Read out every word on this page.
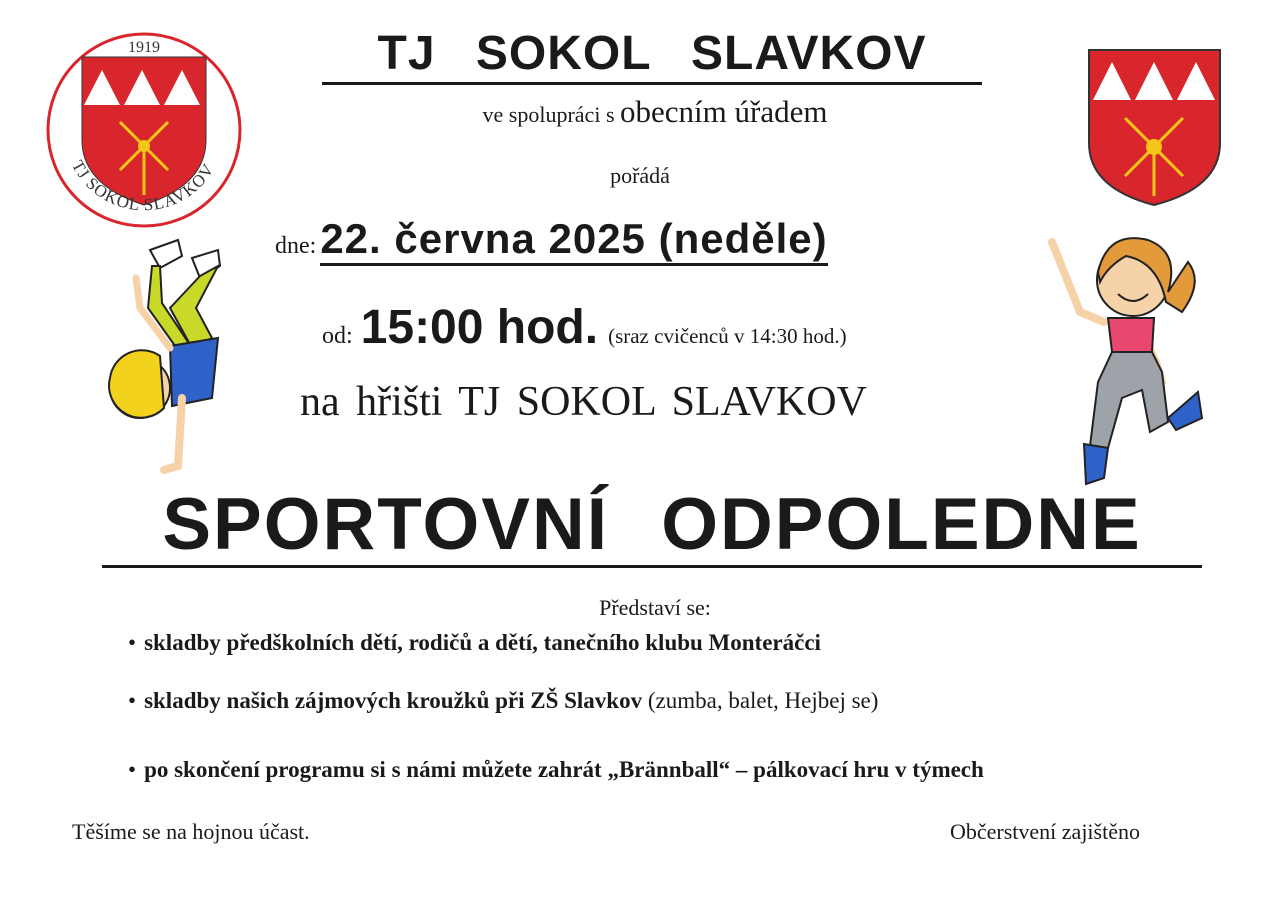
1919
TJ SOKOL SLAVKOV
TJ SOKOL SLAVKOV
ve spolupráci s obecním úřadem
pořádá
dne: 22. června 2025 (neděle)
od: 15:00 hod. (sraz cvičenců v 14:30 hod.)
na hřišti TJ SOKOL SLAVKOV
SPORTOVNÍ ODPOLEDNE
Představí se:
• skladby předškolních dětí, rodičů a dětí, tanečního klubu Monteráčci
• skladby našich zájmových kroužků při ZŠ Slavkov (zumba, balet, Hejbej se)
• po skončení programu si s námi můžete zahrát „Brännball“ – pálkovací hru v týmech
Těšíme se na hojnou účast.	Občerstvení zajištěno
